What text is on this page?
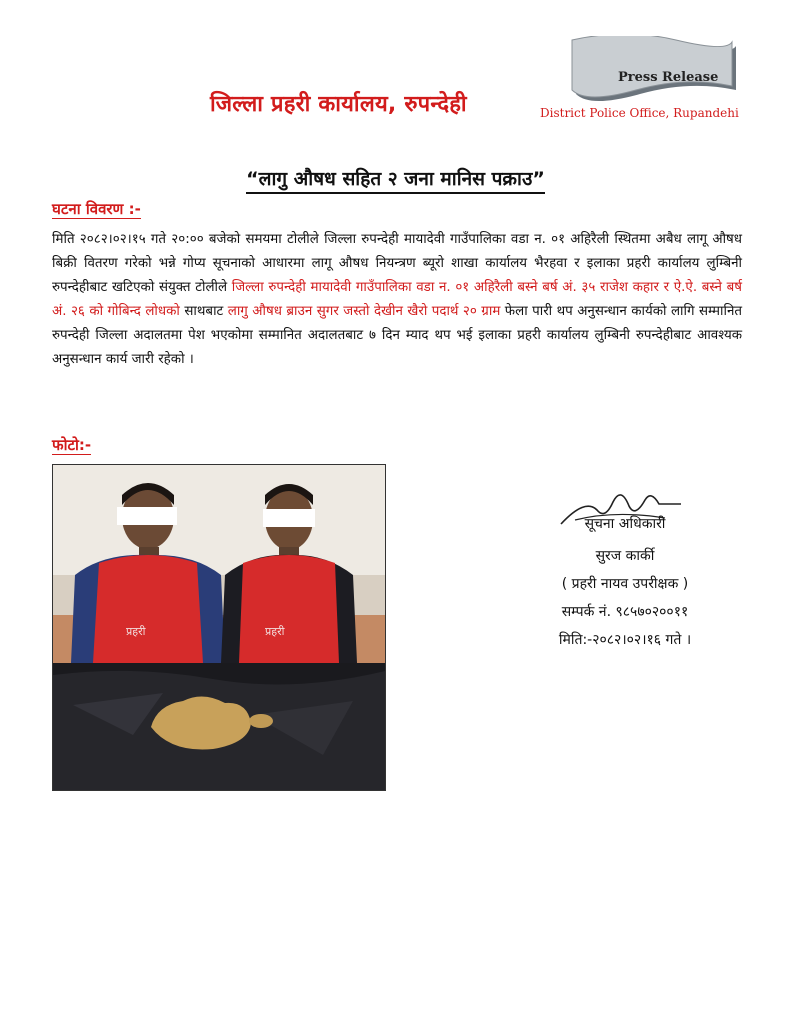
जिल्ला प्रहरी कार्यालय, रुपन्देही
Press Release
District Police Office, Rupandehi
“लागु औषध सहित २ जना मानिस पक्राउ”
घटना विवरण :-
मिति २०८२।०२।१५ गते २०:०० बजेको समयमा टोलीले जिल्ला रुपन्देही मायादेवी गाउँपालिका वडा न. ०१ अहिरैली स्थितमा अबैध लागू औषध बिक्री वितरण गरेको भन्ने गोप्य सूचनाको आधारमा लागू औषध नियन्त्रण ब्यूरो शाखा कार्यालय भैरहवा र इलाका प्रहरी कार्यालय लुम्बिनी रुपन्देहीबाट खटिएको संयुक्त टोलीले जिल्ला रुपन्देही मायादेवी गाउँपालिका वडा न. ०१ अहिरैली बस्ने बर्ष अं. ३५ राजेश कहार र ऐ.ऐ. बस्ने बर्ष अं. २६ को गोबिन्द लोधको साथबाट लागु औषध ब्राउन सुगर जस्तो देखीन खैरो पदार्थ २० ग्राम फेला पारी थप अनुसन्धान कार्यको लागि सम्मानित रुपन्देही जिल्ला अदालतमा पेश भएकोमा सम्मानित अदालतबाट ७ दिन म्याद थप भई इलाका प्रहरी कार्यालय लुम्बिनी रुपन्देहीबाट आवश्यक अनुसन्धान कार्य जारी रहेको ।
फोटो:-
प्रहरी	प्रहरी
सूचना अधिकारी
सुरज कार्की
( प्रहरी नायव उपरीक्षक )
सम्पर्क नं. ९८५७०२००११
मिति:-२०८२।०२।१६ गते ।
